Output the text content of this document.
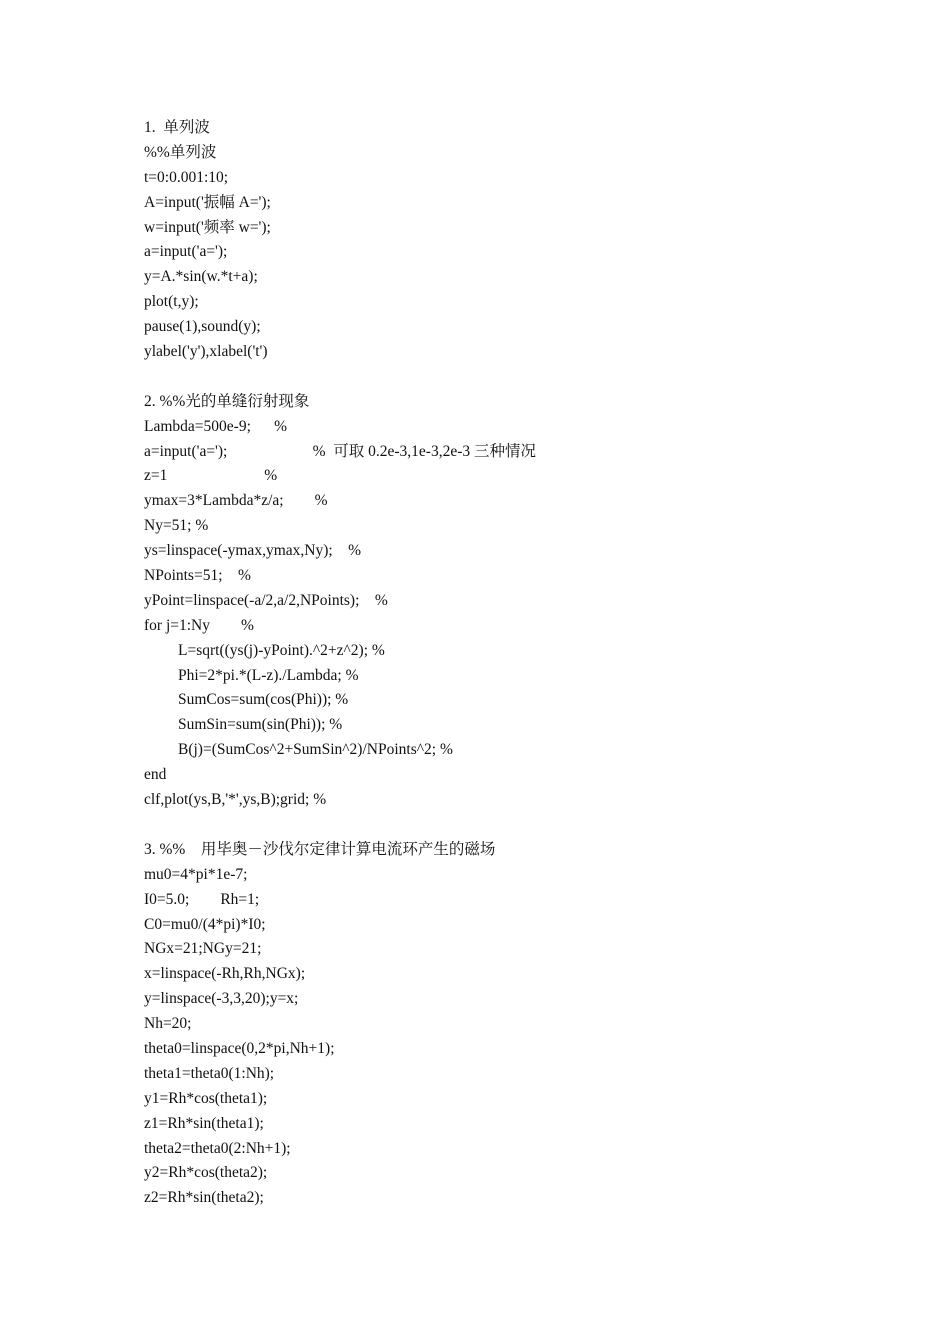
1.  单列波
%%单列波
t=0:0.001:10;
A=input('振幅 A=');
w=input('频率 w=');
a=input('a=');
y=A.*sin(w.*t+a);
plot(t,y);
pause(1),sound(y);
ylabel('y'),xlabel('t')
2. %%光的单缝衍射现象
Lambda=500e-9;      %
a=input('a=');                      %  可取 0.2e-3,1e-3,2e-3 三种情况
z=1                         %
ymax=3*Lambda*z/a;        %
Ny=51; %
ys=linspace(-ymax,ymax,Ny);    %
NPoints=51;    %
yPoint=linspace(-a/2,a/2,NPoints);    %
for j=1:Ny        %
L=sqrt((ys(j)-yPoint).^2+z^2); %
Phi=2*pi.*(L-z)./Lambda; %
SumCos=sum(cos(Phi)); %
SumSin=sum(sin(Phi)); %
B(j)=(SumCos^2+SumSin^2)/NPoints^2; %
end
clf,plot(ys,B,'*',ys,B);grid; %
3. %%    用毕奥－沙伐尔定律计算电流环产生的磁场
mu0=4*pi*1e-7;
I0=5.0;        Rh=1;
C0=mu0/(4*pi)*I0;
NGx=21;NGy=21;
x=linspace(-Rh,Rh,NGx);
y=linspace(-3,3,20);y=x;
Nh=20;
theta0=linspace(0,2*pi,Nh+1);
theta1=theta0(1:Nh);
y1=Rh*cos(theta1);
z1=Rh*sin(theta1);
theta2=theta0(2:Nh+1);
y2=Rh*cos(theta2);
z2=Rh*sin(theta2);
